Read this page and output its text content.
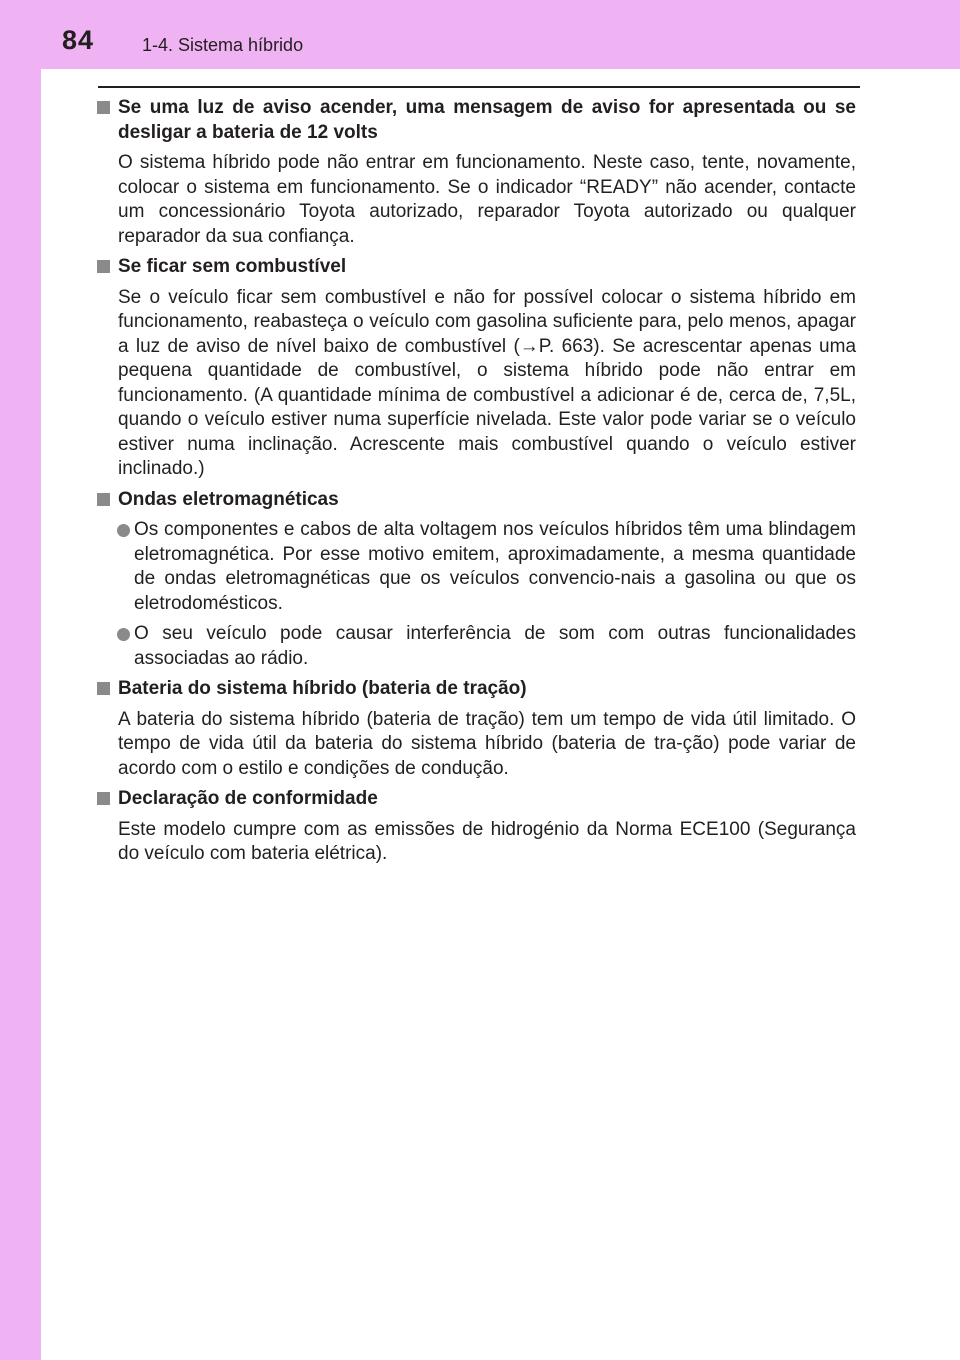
84	1-4. Sistema híbrido
Se uma luz de aviso acender, uma mensagem de aviso for apresentada ou se desligar a bateria de 12 volts
O sistema híbrido pode não entrar em funcionamento. Neste caso, tente, novamente, colocar o sistema em funcionamento. Se o indicador “READY” não acender, contacte um concessionário Toyota autorizado, reparador Toyota autorizado ou qualquer reparador da sua confiança.
Se ficar sem combustível
Se o veículo ficar sem combustível e não for possível colocar o sistema híbrido em funcionamento, reabasteça o veículo com gasolina suficiente para, pelo menos, apagar a luz de aviso de nível baixo de combustível (→P. 663). Se acrescentar apenas uma pequena quantidade de combustível, o sistema híbrido pode não entrar em funcionamento. (A quantidade mínima de combustível a adicionar é de, cerca de, 7,5L, quando o veículo estiver numa superfície nivelada. Este valor pode variar se o veículo estiver numa inclinação. Acrescente mais combustível quando o veículo estiver inclinado.)
Ondas eletromagnéticas
Os componentes e cabos de alta voltagem nos veículos híbridos têm uma blindagem eletromagnética. Por esse motivo emitem, aproximadamente, a mesma quantidade de ondas eletromagnéticas que os veículos convencio-nais a gasolina ou que os eletrodomésticos.
O seu veículo pode causar interferência de som com outras funcionalidades associadas ao rádio.
Bateria do sistema híbrido (bateria de tração)
A bateria do sistema híbrido (bateria de tração) tem um tempo de vida útil limitado. O tempo de vida útil da bateria do sistema híbrido (bateria de tra-ção) pode variar de acordo com o estilo e condições de condução.
Declaração de conformidade
Este modelo cumpre com as emissões de hidrogénio da Norma ECE100 (Segurança do veículo com bateria elétrica).
